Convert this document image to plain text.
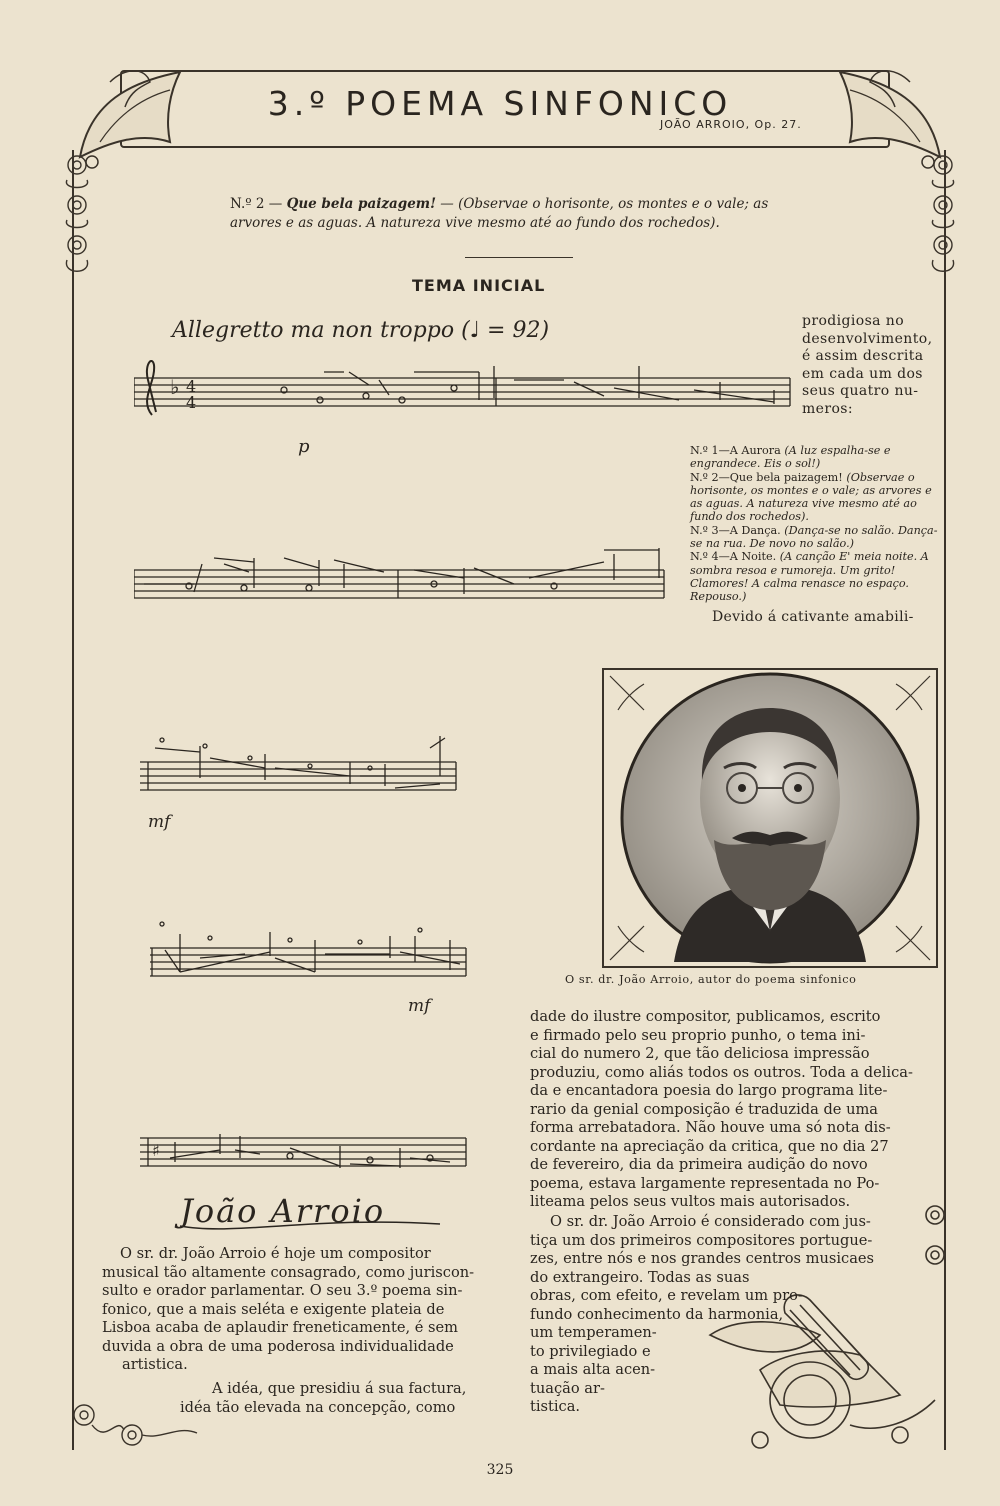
3.º POEMA SINFONICO
JOÃO ARROIO, Op. 27.
N.º 2 — Que bela paizagem! — (Observae o horisonte, os montes e o vale; as arvores e as aguas. A natureza vive mesmo até ao fundo dos rochedos).
TEMA INICIAL
Allegretto ma non troppo (♩ = 92)
♭ 4
4
p
mf
mf
♯
João Arroio
prodigiosa no
desenvolvimento,
é assim descrita
em cada um dos
seus quatro nu-
meros:

N.º 1—A Aurora (A luz espalha-se e engrandece. Eis o sol!)

N.º 2—Que bela paizagem! (Observae o horisonte, os montes e o vale; as arvores e as aguas. A natureza vive mesmo até ao fundo dos rochedos).

N.º 3—A Dança. (Dança-se no salão. Dança-se na rua. De novo no salão.)

N.º 4—A Noite. (A canção E' meia noite. A sombra resoa e rumoreja. Um grito! Clamores! A calma renasce no espaço. Repouso.)

Devido á cativante amabili-
O sr. dr. João Arroio, autor do poema sinfonico
O sr. dr. João Arroio é hoje um compositor
musical tão altamente consagrado, como juriscon-
sulto e orador parlamentar. O seu 3.º poema sin-
fonico, que a mais seléta e exigente plateia de
Lisboa acaba de aplaudir freneticamente, é sem
duvida a obra de uma poderosa individualidade
artistica.
A idéa, que presidiu á sua factura,
idéa tão elevada na concepção, como
dade do ilustre compositor, publicamos, escrito
e firmado pelo seu proprio punho, o tema ini-
cial do numero 2, que tão deliciosa impressão
produziu, como aliás todos os outros. Toda a delica-
da e encantadora poesia do largo programa lite-
rario da genial composição é traduzida de uma
forma arrebatadora. Não houve uma só nota dis-
cordante na apreciação da critica, que no dia 27
de fevereiro, dia da primeira audição do novo
poema, estava largamente representada no Po-
liteama pelos seus vultos mais autorisados.
O sr. dr. João Arroio é considerado com jus-
tiça um dos primeiros compositores portugue-
zes, entre nós e nos grandes centros musicaes
do extrangeiro. Todas as suas
obras, com efeito, e revelam um pro-
fundo conhecimento da harmonia,
um temperamen-
to privilegiado e
a mais alta acen-
tuação ar-
tistica.
325
